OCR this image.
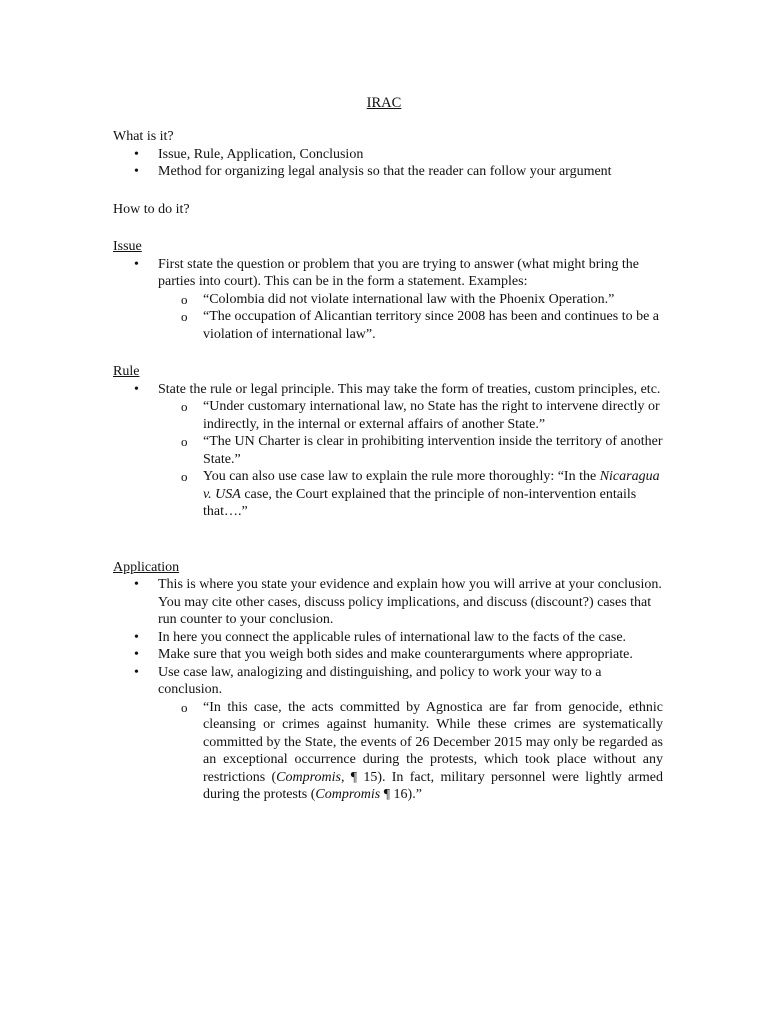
IRAC

What is it?

• Issue, Rule, Application, Conclusion
• Method for organizing legal analysis so that the reader can follow your argument

How to do it?

Issue

• First state the question or problem that you are trying to answer (what might bring the parties into court). This can be in the form a statement. Examples:
o “Colombia did not violate international law with the Phoenix Operation.”
o “The occupation of Alicantian territory since 2008 has been and continues to be a violation of international law”.

Rule

• State the rule or legal principle. This may take the form of treaties, custom principles, etc.
o “Under customary international law, no State has the right to intervene directly or indirectly, in the internal or external affairs of another State.”
o “The UN Charter is clear in prohibiting intervention inside the territory of another State.”
o You can also use case law to explain the rule more thoroughly: “In the Nicaragua v. USA case, the Court explained that the principle of non-intervention entails that….”

Application

• This is where you state your evidence and explain how you will arrive at your conclusion. You may cite other cases, discuss policy implications, and discuss (discount?) cases that run counter to your conclusion.
• In here you connect the applicable rules of international law to the facts of the case.
• Make sure that you weigh both sides and make counterarguments where appropriate.
• Use case law, analogizing and distinguishing, and policy to work your way to a conclusion.
o “In this case, the acts committed by Agnostica are far from genocide, ethnic cleansing or crimes against humanity. While these crimes are systematically committed by the State, the events of 26 December 2015 may only be regarded as an exceptional occurrence during the protests, which took place without any restrictions (Compromis, ¶ 15). In fact, military personnel were lightly armed during the protests (Compromis ¶ 16).”
